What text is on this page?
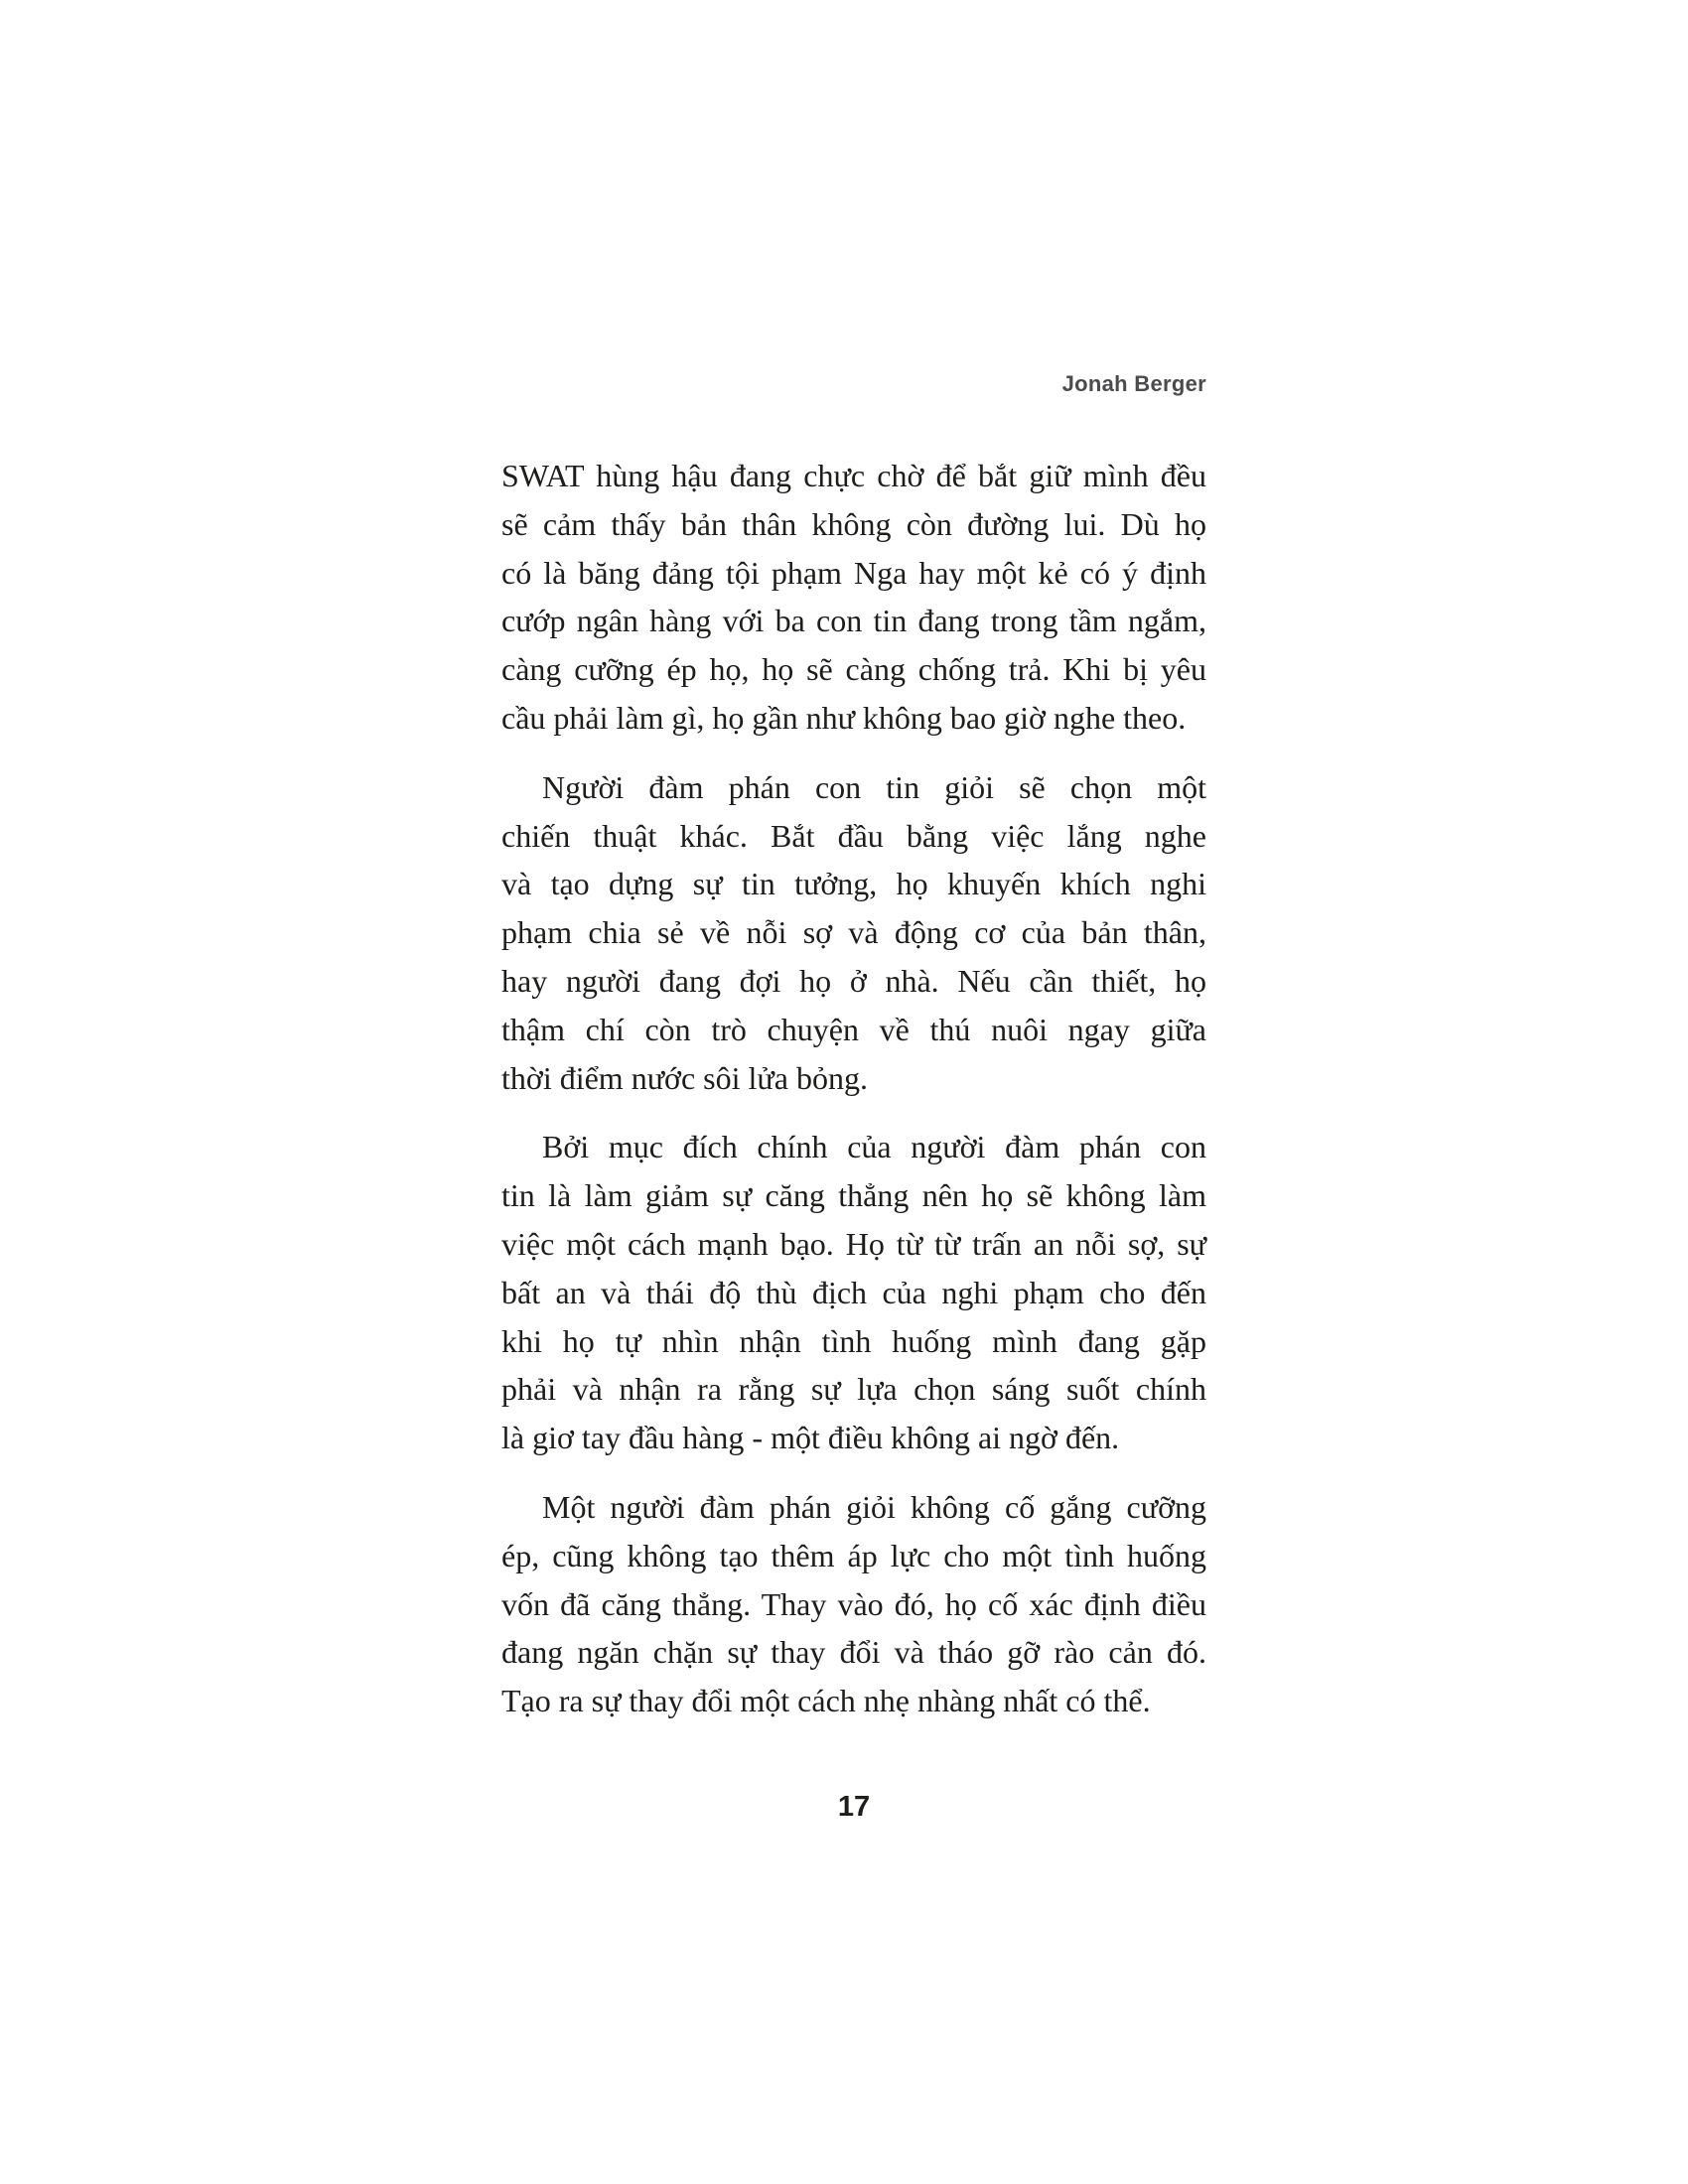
Jonah Berger

SWAT hùng hậu đang chực chờ để bắt giữ mình đều
sẽ cảm thấy bản thân không còn đường lui. Dù họ
có là băng đảng tội phạm Nga hay một kẻ có ý định
cướp ngân hàng với ba con tin đang trong tầm ngắm,
càng cưỡng ép họ, họ sẽ càng chống trả. Khi bị yêu
cầu phải làm gì, họ gần như không bao giờ nghe theo.

Người đàm phán con tin giỏi sẽ chọn một
chiến thuật khác. Bắt đầu bằng việc lắng nghe
và tạo dựng sự tin tưởng, họ khuyến khích nghi
phạm chia sẻ về nỗi sợ và động cơ của bản thân,
hay người đang đợi họ ở nhà. Nếu cần thiết, họ
thậm chí còn trò chuyện về thú nuôi ngay giữa
thời điểm nước sôi lửa bỏng.

Bởi mục đích chính của người đàm phán con
tin là làm giảm sự căng thẳng nên họ sẽ không làm
việc một cách mạnh bạo. Họ từ từ trấn an nỗi sợ, sự
bất an và thái độ thù địch của nghi phạm cho đến
khi họ tự nhìn nhận tình huống mình đang gặp
phải và nhận ra rằng sự lựa chọn sáng suốt chính
là giơ tay đầu hàng - một điều không ai ngờ đến.

Một người đàm phán giỏi không cố gắng cưỡng
ép, cũng không tạo thêm áp lực cho một tình huống
vốn đã căng thẳng. Thay vào đó, họ cố xác định điều
đang ngăn chặn sự thay đổi và tháo gỡ rào cản đó.
Tạo ra sự thay đổi một cách nhẹ nhàng nhất có thể.

17
